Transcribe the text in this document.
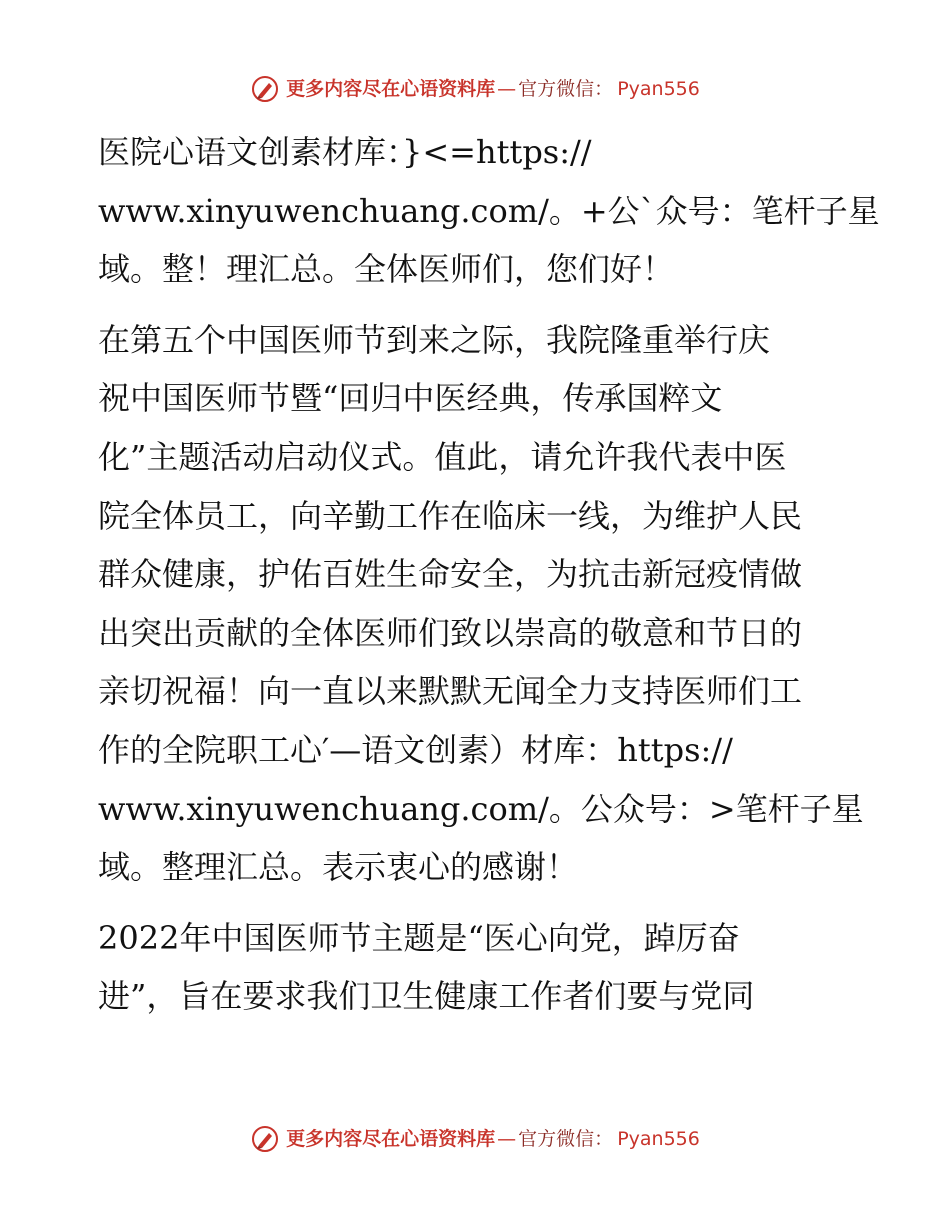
更多内容尽在心语资料库 — 官方微信： Pyan556

医院心语文创素材库：}<=https://
www.xinyuwenchuang.com/。+公`众号：笔杆子星
域。整！理汇总。全体医师们，您们好！

在第五个中国医师节到来之际，我院隆重举行庆
祝中国医师节暨“回归中医经典，传承国粹文
化”主题活动启动仪式。值此，请允许我代表中医
院全体员工，向辛勤工作在临床一线，为维护人民
群众健康，护佑百姓生命安全，为抗击新冠疫情做
出突出贡献的全体医师们致以崇高的敬意和节日的
亲切祝福！向一直以来默默无闻全力支持医师们工
作的全院职工心′—语文创素）材库：https://
www.xinyuwenchuang.com/。公众号：>笔杆子星
域。整理汇总。表示衷心的感谢！

2022年中国医师节主题是“医心向党，踔厉奋
进”，旨在要求我们卫生健康工作者们要与党同

更多内容尽在心语资料库 — 官方微信： Pyan556
